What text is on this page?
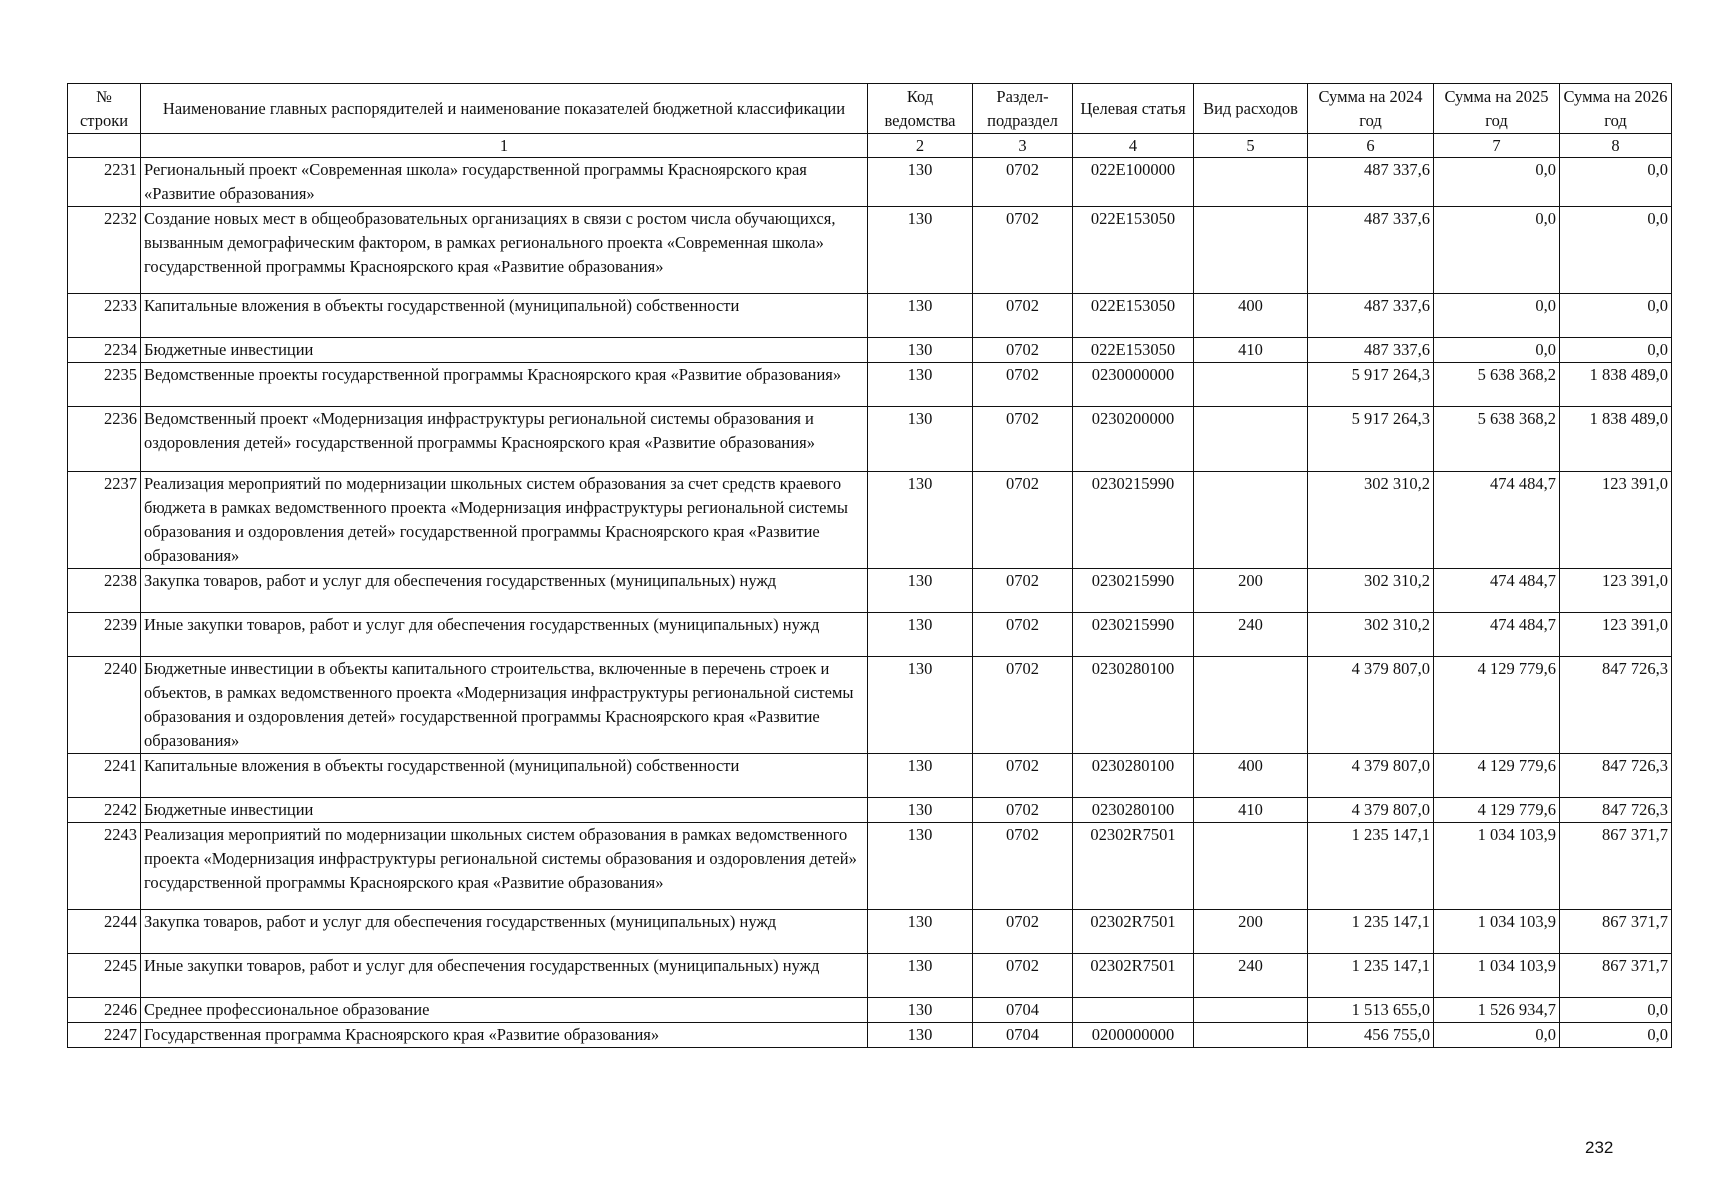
№ строки	Наименование главных распорядителей и наименование показателей бюджетной классификации	Код ведомства	Раздел-подраздел	Целевая статья	Вид расходов	Сумма на 2024 год	Сумма на 2025 год	Сумма на 2026 год
	1	2	3	4	5	6	7	8
2231	Региональный проект «Современная школа» государственной программы Красноярского края «Развитие образования»	130	0702	022Е100000		487 337,6	0,0	0,0
2232	Создание новых мест в общеобразовательных организациях в связи с ростом числа обучающихся, вызванным демографическим фактором, в рамках регионального проекта «Современная школа» государственной программы Красноярского края «Развитие образования»	130	0702	022Е153050		487 337,6	0,0	0,0
2233	Капитальные вложения в объекты государственной (муниципальной) собственности	130	0702	022Е153050	400	487 337,6	0,0	0,0
2234	Бюджетные инвестиции	130	0702	022Е153050	410	487 337,6	0,0	0,0
2235	Ведомственные проекты государственной программы Красноярского края «Развитие образования»	130	0702	0230000000		5 917 264,3	5 638 368,2	1 838 489,0
2236	Ведомственный проект «Модернизация инфраструктуры региональной системы образования и оздоровления детей» государственной программы Красноярского края «Развитие образования»	130	0702	0230200000		5 917 264,3	5 638 368,2	1 838 489,0
2237	Реализация мероприятий по модернизации школьных систем образования за счет средств краевого бюджета в рамках ведомственного проекта «Модернизация инфраструктуры региональной системы образования и оздоровления детей» государственной программы Красноярского края «Развитие образования»	130	0702	0230215990		302 310,2	474 484,7	123 391,0
2238	Закупка товаров, работ и услуг для обеспечения государственных (муниципальных) нужд	130	0702	0230215990	200	302 310,2	474 484,7	123 391,0
2239	Иные закупки товаров, работ и услуг для обеспечения государственных (муниципальных) нужд	130	0702	0230215990	240	302 310,2	474 484,7	123 391,0
2240	Бюджетные инвестиции в объекты капитального строительства, включенные в перечень строек и объектов, в рамках ведомственного проекта «Модернизация инфраструктуры региональной системы образования и оздоровления детей» государственной программы Красноярского края «Развитие образования»	130	0702	0230280100		4 379 807,0	4 129 779,6	847 726,3
2241	Капитальные вложения в объекты государственной (муниципальной) собственности	130	0702	0230280100	400	4 379 807,0	4 129 779,6	847 726,3
2242	Бюджетные инвестиции	130	0702	0230280100	410	4 379 807,0	4 129 779,6	847 726,3
2243	Реализация мероприятий по модернизации школьных систем образования в рамках ведомственного проекта «Модернизация инфраструктуры региональной системы образования и оздоровления детей» государственной программы Красноярского края «Развитие образования»	130	0702	02302R7501		1 235 147,1	1 034 103,9	867 371,7
2244	Закупка товаров, работ и услуг для обеспечения государственных (муниципальных) нужд	130	0702	02302R7501	200	1 235 147,1	1 034 103,9	867 371,7
2245	Иные закупки товаров, работ и услуг для обеспечения государственных (муниципальных) нужд	130	0702	02302R7501	240	1 235 147,1	1 034 103,9	867 371,7
2246	Среднее профессиональное образование	130	0704			1 513 655,0	1 526 934,7	0,0
2247	Государственная программа Красноярского края «Развитие образования»	130	0704	0200000000		456 755,0	0,0	0,0
232
